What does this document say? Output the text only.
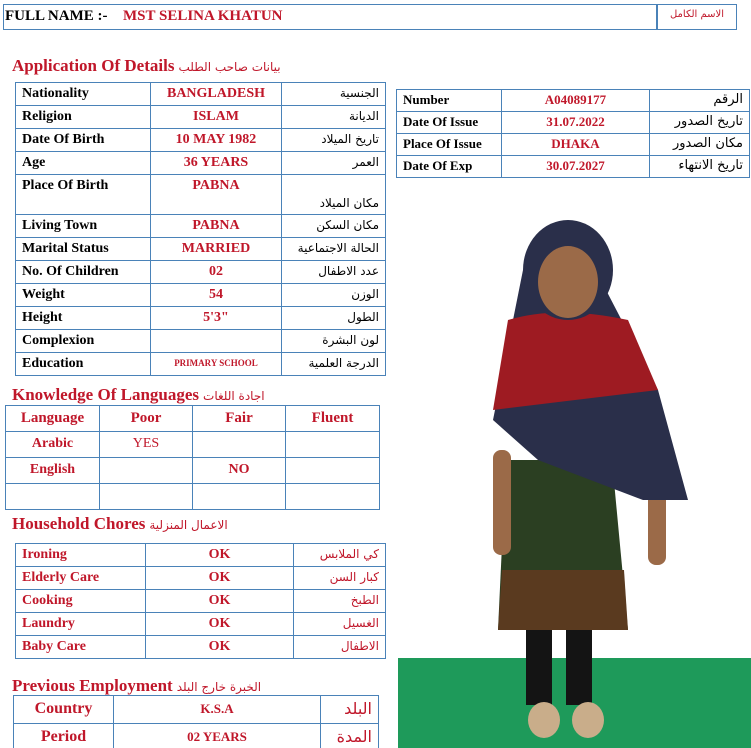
FULL NAME :- MST SELINA KHATUN	الاسم الكامل
Application Of Details بيانات صاحب الطلب
Nationality	BANGLADESH	الجنسية
Religion	ISLAM	الديانة
Date Of Birth	10 MAY 1982	تاريخ الميلاد
Age	36 YEARS	العمر
Place Of Birth	PABNA	مكان الميلاد
Living Town	PABNA	مكان السكن
Marital Status	MARRIED	الحالة الاجتماعية
No. Of Children	02	عدد الاطفال
Weight	54	الوزن
Height	5'3"	الطول
Complexion		لون البشرة
Education	PRIMARY SCHOOL	الدرجة العلمية
Number	A04089177	الرقم
Date Of Issue	31.07.2022	تاريخ الصدور
Place Of Issue	DHAKA	مكان الصدور
Date Of Exp	30.07.2027	تاريخ الانتهاء
Knowledge Of Languages اجادة اللغات
Language	Poor	Fair	Fluent
Arabic	YES		
English		NO	

Household Chores الاعمال المنزلية
Ironing	OK	كي الملابس
Elderly Care	OK	كبار السن
Cooking	OK	الطبخ
Laundry	OK	الغسيل
Baby Care	OK	الاطفال
Previous Employment الخبرة خارج البلد
Country	K.S.A	البلد
Period	02 YEARS	المدة
